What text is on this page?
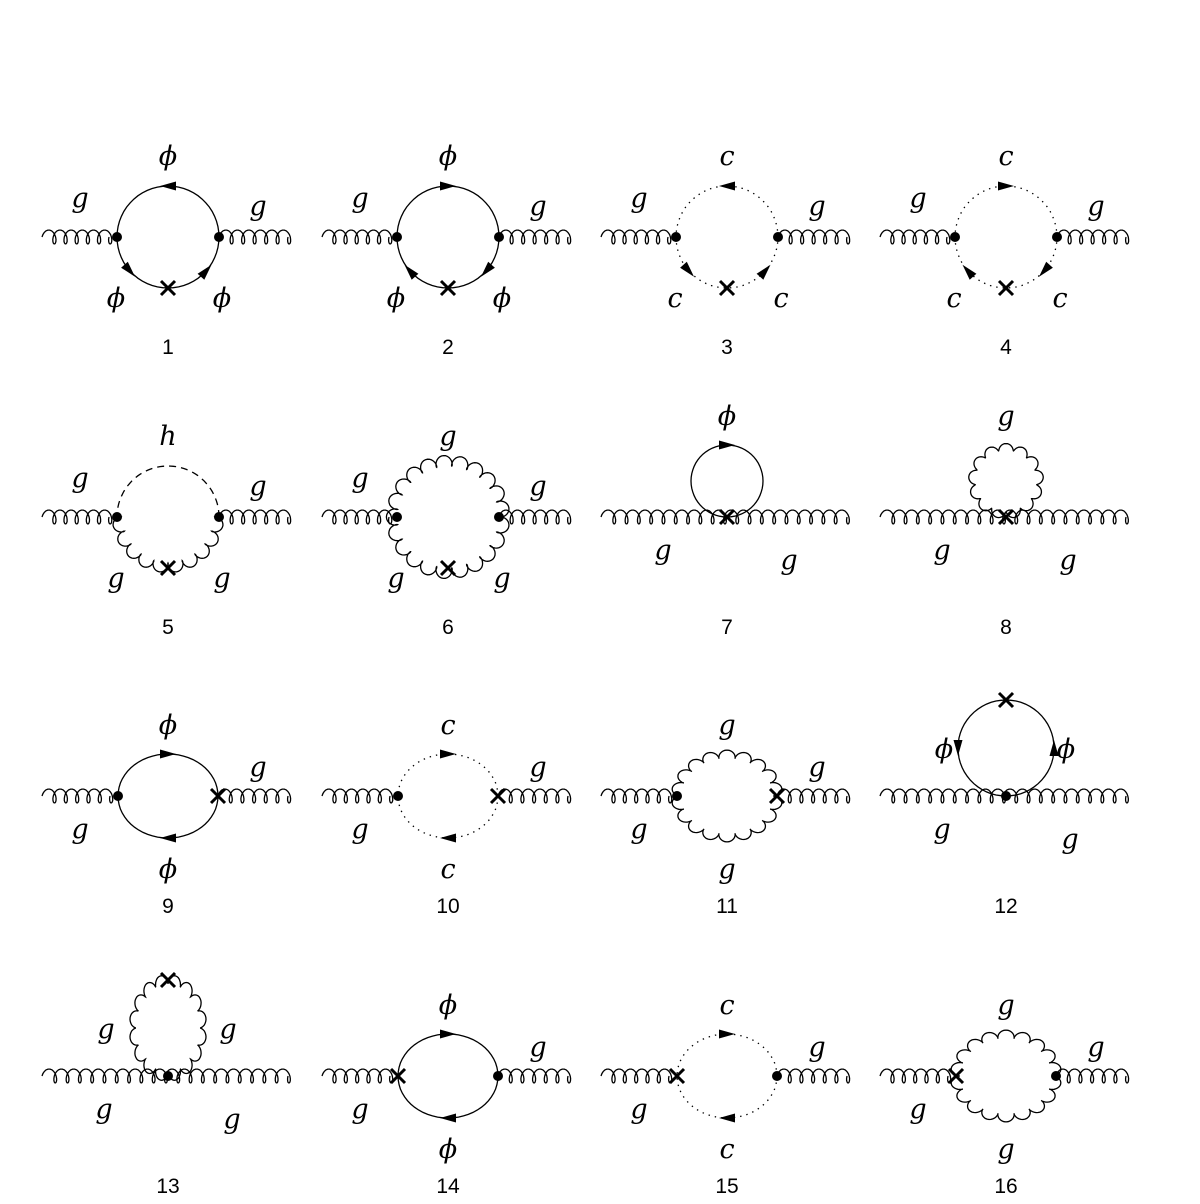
ϕ
g	g
ϕ	ϕ
1
ϕ
g	g
ϕ	ϕ
2
c
g	g
c	c
3
c
g	g
c	c
4
h
g	g
g	g
5
g
g	g
g	g
6
ϕ
g	g
7
g
g	g
8
ϕ
ϕ
g
g
9
c
c
g
g
10
g
g
g
g
11
ϕ	ϕ
g	g
12
g	g
g	g
13
ϕ
ϕ
g
g
14
c
c
g
g
15
g
g
g
g
16
